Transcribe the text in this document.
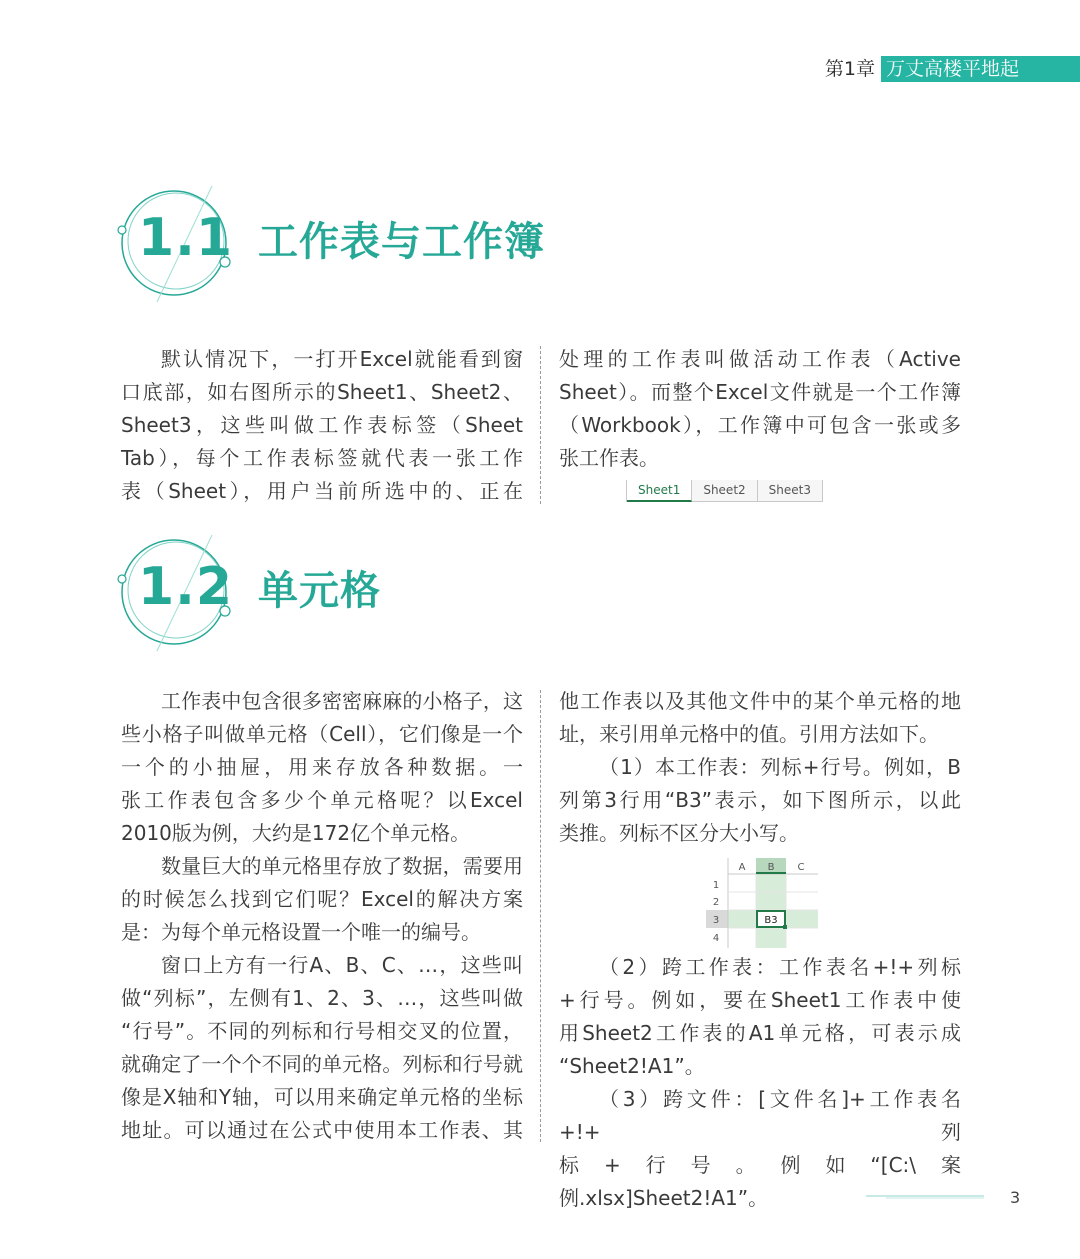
第1章 万丈高楼平地起
1.1 工作表与工作簿

默认情况下，一打开Excel就能看到窗

口底部，如右图所示的Sheet1、Sheet2、

Sheet3，这些叫做工作表标签（Sheet

Tab），每个工作表标签就代表一张工作

表（Sheet），用户当前所选中的、正在

处理的工作表叫做活动工作表（Active

Sheet）。而整个Excel文件就是一个工作簿

（Workbook），工作簿中可包含一张或多

张工作表。

Sheet1	Sheet2	Sheet3
1.2 单元格

工作表中包含很多密密麻麻的小格子，这

些小格子叫做单元格（Cell），它们像是一个

一个的小抽屉，用来存放各种数据。一

张工作表包含多少个单元格呢？以Excel

2010版为例，大约是172亿个单元格。

数量巨大的单元格里存放了数据，需要用

的时候怎么找到它们呢？Excel的解决方案

是：为每个单元格设置一个唯一的编号。

窗口上方有一行A、B、C、…，这些叫

做“列标”，左侧有1、2、3、…，这些叫做

“行号”。不同的列标和行号相交叉的位置，

就确定了一个个不同的单元格。列标和行号就

像是X轴和Y轴，可以用来确定单元格的坐标

地址。可以通过在公式中使用本工作表、其

他工作表以及其他文件中的某个单元格的地

址，来引用单元格中的值。引用方法如下。

（1）本工作表：列标+行号。例如，B

列第3行用“B3”表示，如下图所示，以此

类推。列标不区分大小写。

A B C
1
2
3
4
B3

（2）跨工作表：工作表名+!+列标

+行号。例如，要在Sheet1工作表中使

用Sheet2工作表的A1单元格，可表示成

“Sheet2!A1”。

（3）跨文件：[文件名]+工作表名+!+列

标+行号。例如“[C:\案例.xlsx]Sheet2!A1”。	3
